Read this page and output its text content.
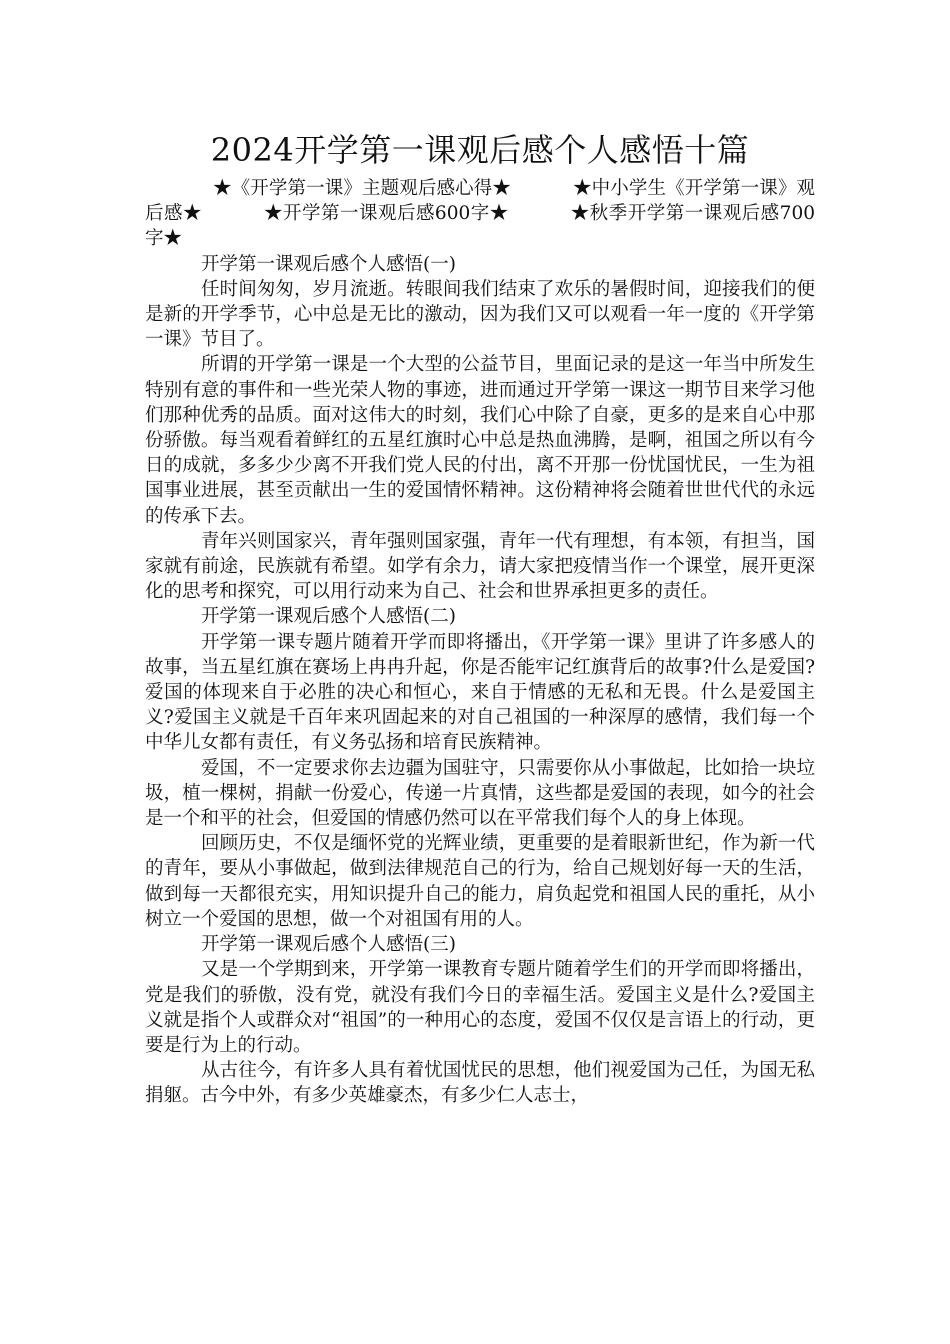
2024开学第一课观后感个人感悟十篇

★《开学第一课》主题观后感心得★	★中小学生《开学第一课》观后感★	★开学第一课观后感600字★	★秋季开学第一课观后感700字★

开学第一课观后感个人感悟(一)

任时间匆匆，岁月流逝。转眼间我们结束了欢乐的暑假时间，迎接我们的便是新的开学季节，心中总是无比的激动，因为我们又可以观看一年一度的《开学第一课》节目了。

所谓的开学第一课是一个大型的公益节目，里面记录的是这一年当中所发生特别有意的事件和一些光荣人物的事迹，进而通过开学第一课这一期节目来学习他们那种优秀的品质。面对这伟大的时刻，我们心中除了自豪，更多的是来自心中那份骄傲。每当观看着鲜红的五星红旗时心中总是热血沸腾，是啊，祖国之所以有今日的成就，多多少少离不开我们党人民的付出，离不开那一份忧国忧民，一生为祖国事业进展，甚至贡献出一生的爱国情怀精神。这份精神将会随着世世代代的永远的传承下去。

青年兴则国家兴，青年强则国家强，青年一代有理想，有本领，有担当，国家就有前途，民族就有希望。如学有余力，请大家把疫情当作一个课堂，展开更深化的思考和探究，可以用行动来为自己、社会和世界承担更多的责任。

开学第一课观后感个人感悟(二)

开学第一课专题片随着开学而即将播出，《开学第一课》里讲了许多感人的故事，当五星红旗在赛场上冉冉升起，你是否能牢记红旗背后的故事?什么是爱国?爱国的体现来自于必胜的决心和恒心，来自于情感的无私和无畏。什么是爱国主义?爱国主义就是千百年来巩固起来的对自己祖国的一种深厚的感情，我们每一个中华儿女都有责任，有义务弘扬和培育民族精神。

爱国，不一定要求你去边疆为国驻守，只需要你从小事做起，比如拾一块垃圾，植一棵树，捐献一份爱心，传递一片真情，这些都是爱国的表现，如今的社会是一个和平的社会，但爱国的情感仍然可以在平常我们每个人的身上体现。

回顾历史，不仅是缅怀党的光辉业绩，更重要的是着眼新世纪，作为新一代的青年，要从小事做起，做到法律规范自己的行为，给自己规划好每一天的生活，做到每一天都很充实，用知识提升自己的能力，肩负起党和祖国人民的重托，从小树立一个爱国的思想，做一个对祖国有用的人。

开学第一课观后感个人感悟(三)

又是一个学期到来，开学第一课教育专题片随着学生们的开学而即将播出，党是我们的骄傲，没有党，就没有我们今日的幸福生活。爱国主义是什么?爱国主义就是指个人或群众对“祖国”的一种用心的态度，爱国不仅仅是言语上的行动，更要是行为上的行动。

从古往今，有许多人具有着忧国忧民的思想，他们视爱国为己任，为国无私捐躯。古今中外，有多少英雄豪杰，有多少仁人志士，
